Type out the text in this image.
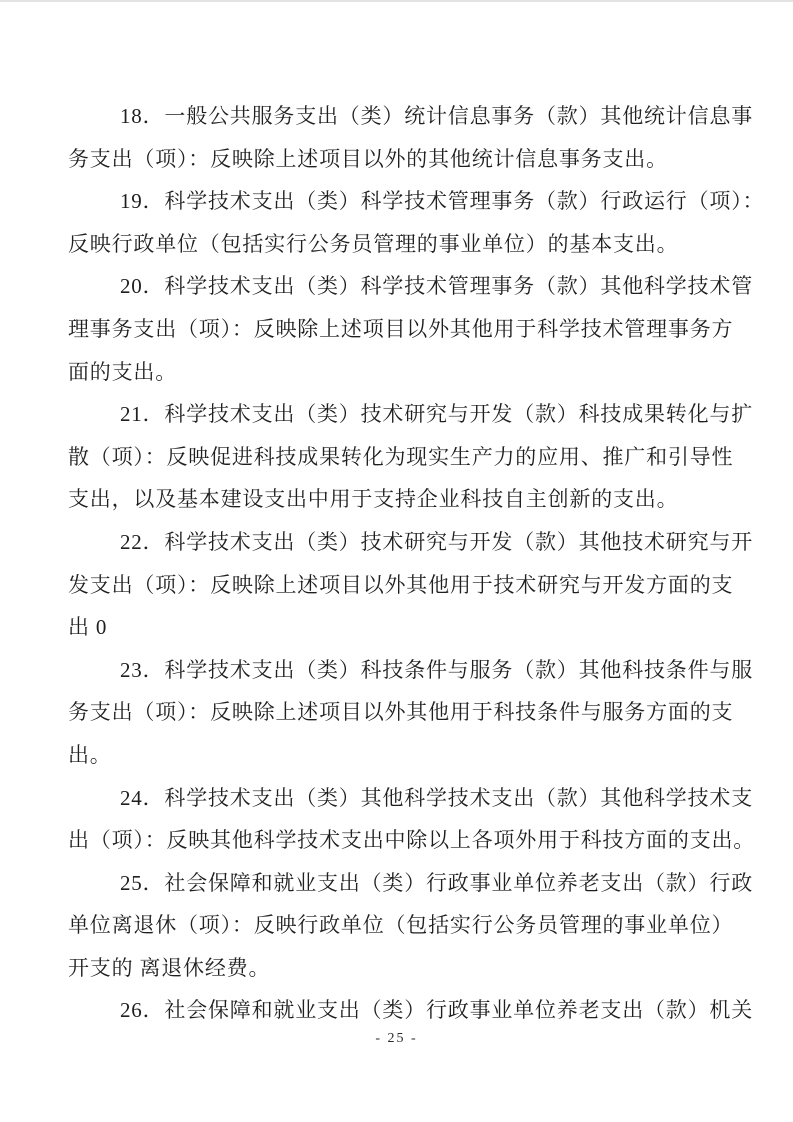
18．一般公共服务支出（类）统计信息事务（款）其他统计信息事
务支出（项）：反映除上述项目以外的其他统计信息事务支出。
19．科学技术支出（类）科学技术管理事务（款）行政运行（项）：
反映行政单位（包括实行公务员管理的事业单位）的基本支出。
20．科学技术支出（类）科学技术管理事务（款）其他科学技术管
理事务支出（项）：反映除上述项目以外其他用于科学技术管理事务方
面的支出。
21．科学技术支出（类）技术研究与开发（款）科技成果转化与扩
散（项）：反映促进科技成果转化为现实生产力的应用、推广和引导性
支出，以及基本建设支出中用于支持企业科技自主创新的支出。
22．科学技术支出（类）技术研究与开发（款）其他技术研究与开
发支出（项）：反映除上述项目以外其他用于技术研究与开发方面的支
出 0
23．科学技术支出（类）科技条件与服务（款）其他科技条件与服
务支出（项）：反映除上述项目以外其他用于科技条件与服务方面的支
出。
24．科学技术支出（类）其他科学技术支出（款）其他科学技术支
出（项）：反映其他科学技术支出中除以上各项外用于科技方面的支出。
25．社会保障和就业支出（类）行政事业单位养老支出（款）行政
单位离退休（项）：反映行政单位（包括实行公务员管理的事业单位）
开支的 离退休经费。
26．社会保障和就业支出（类）行政事业单位养老支出（款）机关
- 25 -
